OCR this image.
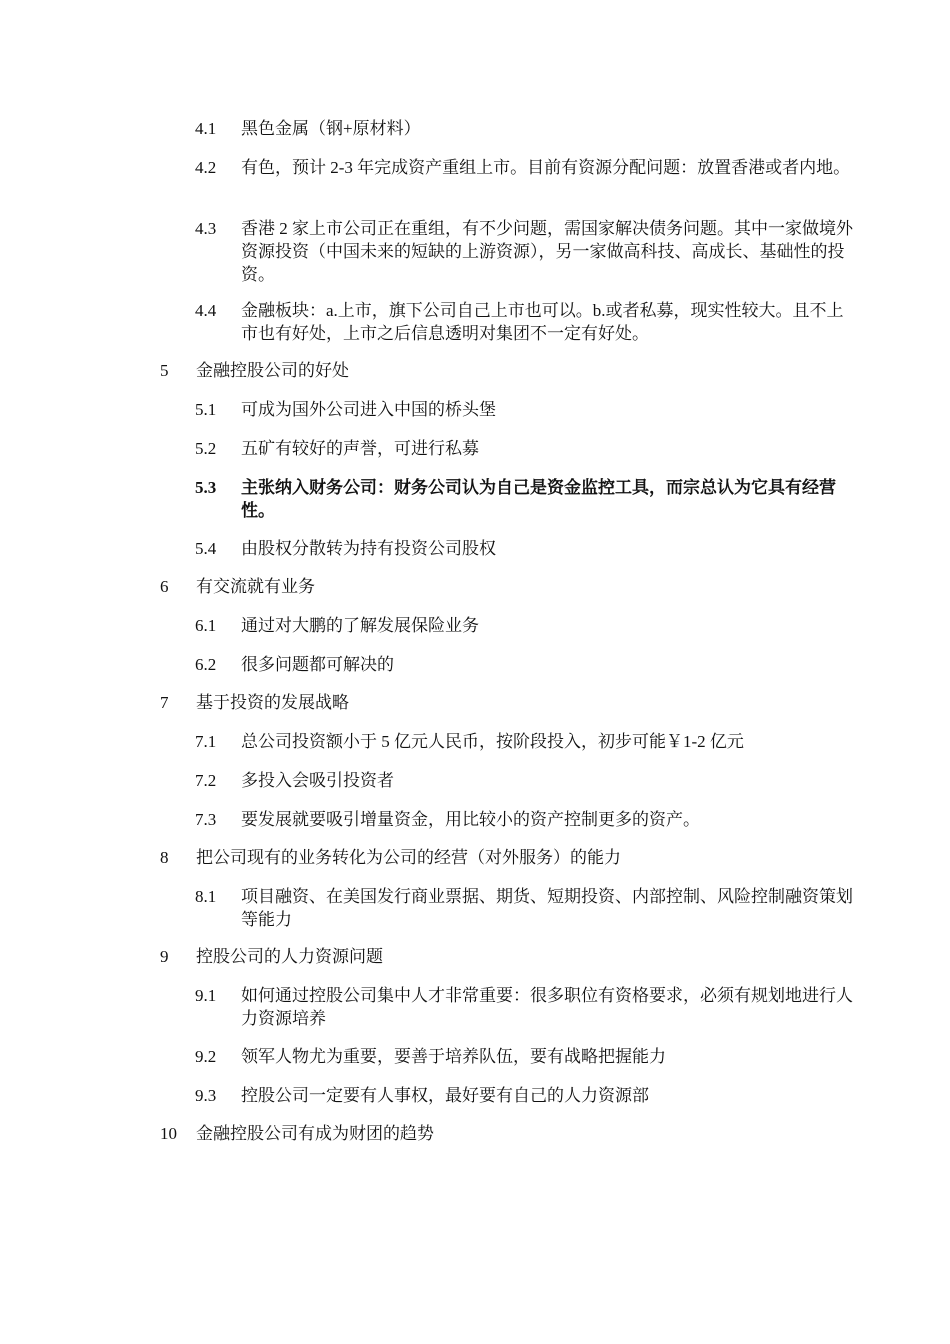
4.1 黑色金属（钢+原材料）
4.2 有色，预计 2-3 年完成资产重组上市。目前有资源分配问题：放置香港或者内地。
4.3 香港 2 家上市公司正在重组，有不少问题，需国家解决债务问题。其中一家做境外资源投资（中国未来的短缺的上游资源），另一家做高科技、高成长、基础性的投资。
4.4 金融板块：a.上市，旗下公司自己上市也可以。b.或者私募，现实性较大。且不上市也有好处，上市之后信息透明对集团不一定有好处。
5 金融控股公司的好处
5.1 可成为国外公司进入中国的桥头堡
5.2 五矿有较好的声誉，可进行私募
5.3 主张纳入财务公司：财务公司认为自己是资金监控工具，而宗总认为它具有经营性。
5.4 由股权分散转为持有投资公司股权
6 有交流就有业务
6.1 通过对大鹏的了解发展保险业务
6.2 很多问题都可解决的
7 基于投资的发展战略
7.1 总公司投资额小于 5 亿元人民币，按阶段投入，初步可能￥1-2 亿元
7.2 多投入会吸引投资者
7.3 要发展就要吸引增量资金，用比较小的资产控制更多的资产。
8 把公司现有的业务转化为公司的经营（对外服务）的能力
8.1 项目融资、在美国发行商业票据、期货、短期投资、内部控制、风险控制融资策划等能力
9 控股公司的人力资源问题
9.1 如何通过控股公司集中人才非常重要：很多职位有资格要求，必须有规划地进行人力资源培养
9.2 领军人物尤为重要，要善于培养队伍，要有战略把握能力
9.3 控股公司一定要有人事权，最好要有自己的人力资源部
10 金融控股公司有成为财团的趋势
